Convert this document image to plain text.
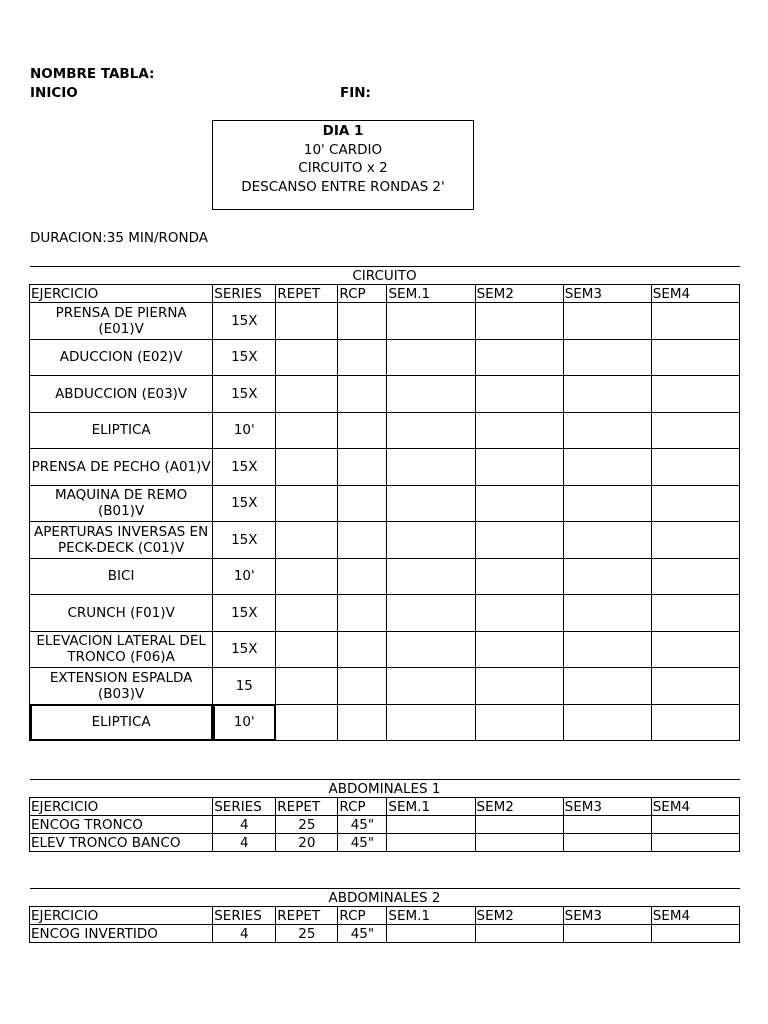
NOMBRE TABLA:
INICIO	FIN:
DIA 1
10' CARDIO
CIRCUITO x 2
DESCANSO ENTRE RONDAS 2'
DURACION:35 MIN/RONDA
CIRCUITO							
EJERCICIO	SERIES	REPET	RCP	SEM.1	SEM2	SEM3	SEM4
PRENSA DE PIERNA (E01)V	15X						
ADUCCION (E02)V	15X						
ABDUCCION (E03)V	15X						
ELIPTICA	10'						
PRENSA DE PECHO (A01)V	15X						
MAQUINA DE REMO (B01)V	15X						
APERTURAS INVERSAS EN PECK-DECK (C01)V	15X						
BICI	10'						
CRUNCH (F01)V	15X						
ELEVACION LATERAL DEL TRONCO (F06)A	15X						
EXTENSION ESPALDA (B03)V	15						
ELIPTICA	10'						
ABDOMINALES 1							
EJERCICIO	SERIES	REPET	RCP	SEM.1	SEM2	SEM3	SEM4
ENCOG TRONCO	4	25	45"				
ELEV TRONCO BANCO	4	20	45"				
ABDOMINALES 2							
EJERCICIO	SERIES	REPET	RCP	SEM.1	SEM2	SEM3	SEM4
ENCOG INVERTIDO	4	25	45"				
